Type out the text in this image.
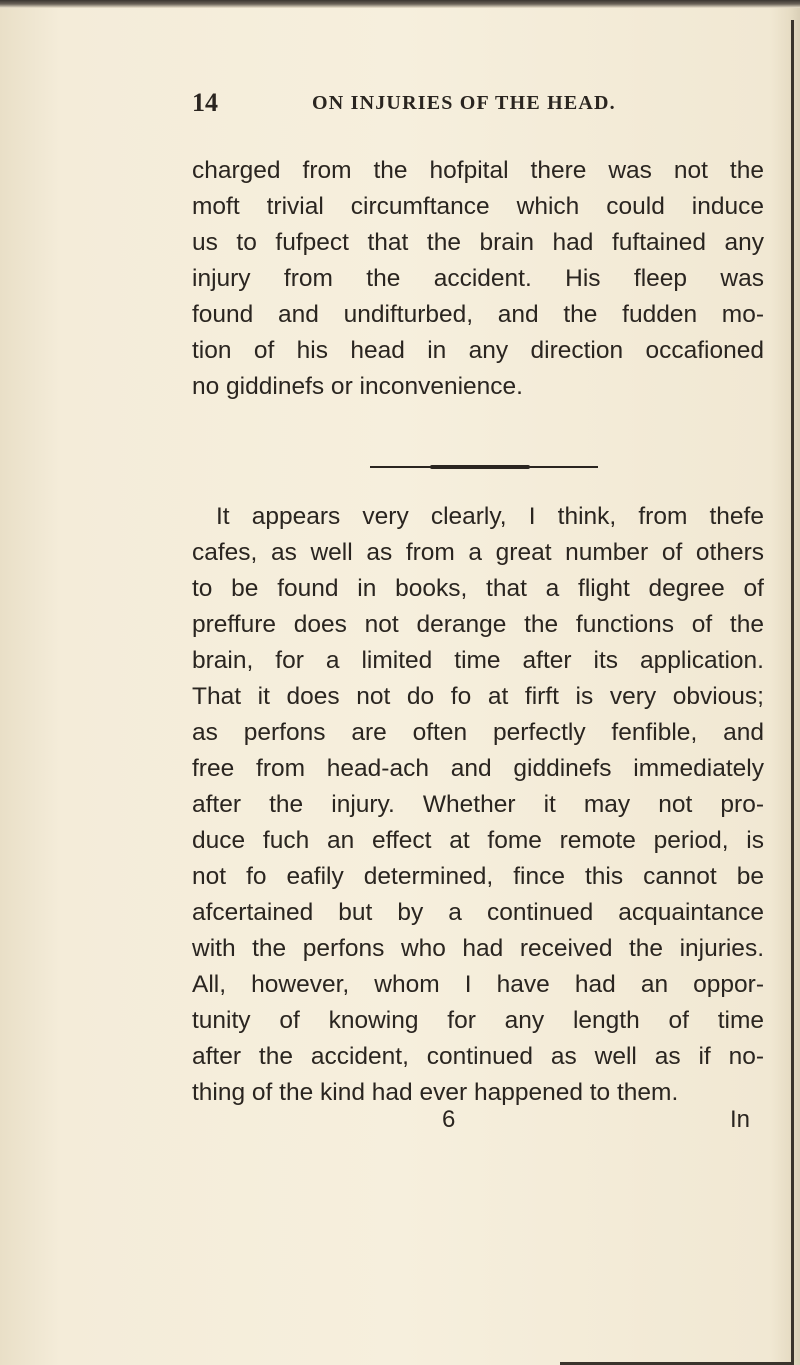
14	ON INJURIES OF THE HEAD.
charged from the hofpital there was not the
moft trivial circumftance which could induce
us to fufpect that the brain had fuftained any
injury from the accident. His fleep was
found and undifturbed, and the fudden mo-
tion of his head in any direction occafioned
no giddinefs or inconvenience.
It appears very clearly, I think, from thefe
cafes, as well as from a great number of others
to be found in books, that a flight degree of
preffure does not derange the functions of the
brain, for a limited time after its application.
That it does not do fo at firft is very obvious;
as perfons are often perfectly fenfible, and
free from head-ach and giddinefs immediately
after the injury. Whether it may not pro-
duce fuch an effect at fome remote period, is
not fo eafily determined, fince this cannot be
afcertained but by a continued acquaintance
with the perfons who had received the injuries.
All, however, whom I have had an oppor-
tunity of knowing for any length of time
after the accident, continued as well as if no-
thing of the kind had ever happened to them.
6	In
